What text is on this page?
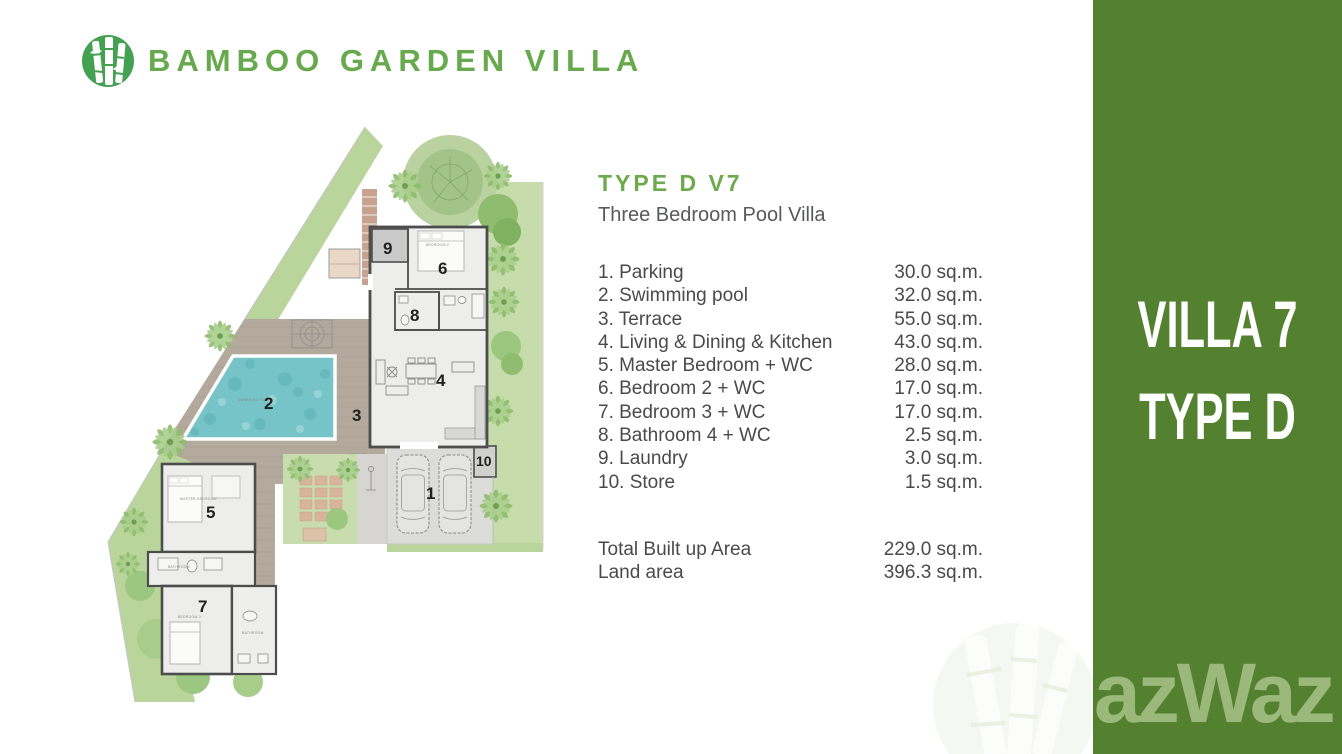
BAMBOO GARDEN VILLA
SWIMMING POOL
BEDROOM 2
MASTER BEDROOM
BATHROOM
BEDROOM 3
BATHROOM
1
2
3
4
5
6
7
8
9
10
TYPE D V7
Three Bedroom Pool Villa
1. Parking	30.0 sq.m.
2. Swimming pool	32.0 sq.m.
3. Terrace	55.0 sq.m.
4. Living & Dining & Kitchen	43.0 sq.m.
5. Master Bedroom + WC	28.0 sq.m.
6. Bedroom 2 + WC	17.0 sq.m.
7. Bedroom 3 + WC	17.0 sq.m.
8. Bathroom 4 + WC	2.5 sq.m.
9. Laundry	3.0 sq.m.
10. Store	1.5 sq.m.
Total Built up Area	229.0 sq.m.
Land area	396.3 sq.m.
VILLA 7
TYPE D
azWaz
